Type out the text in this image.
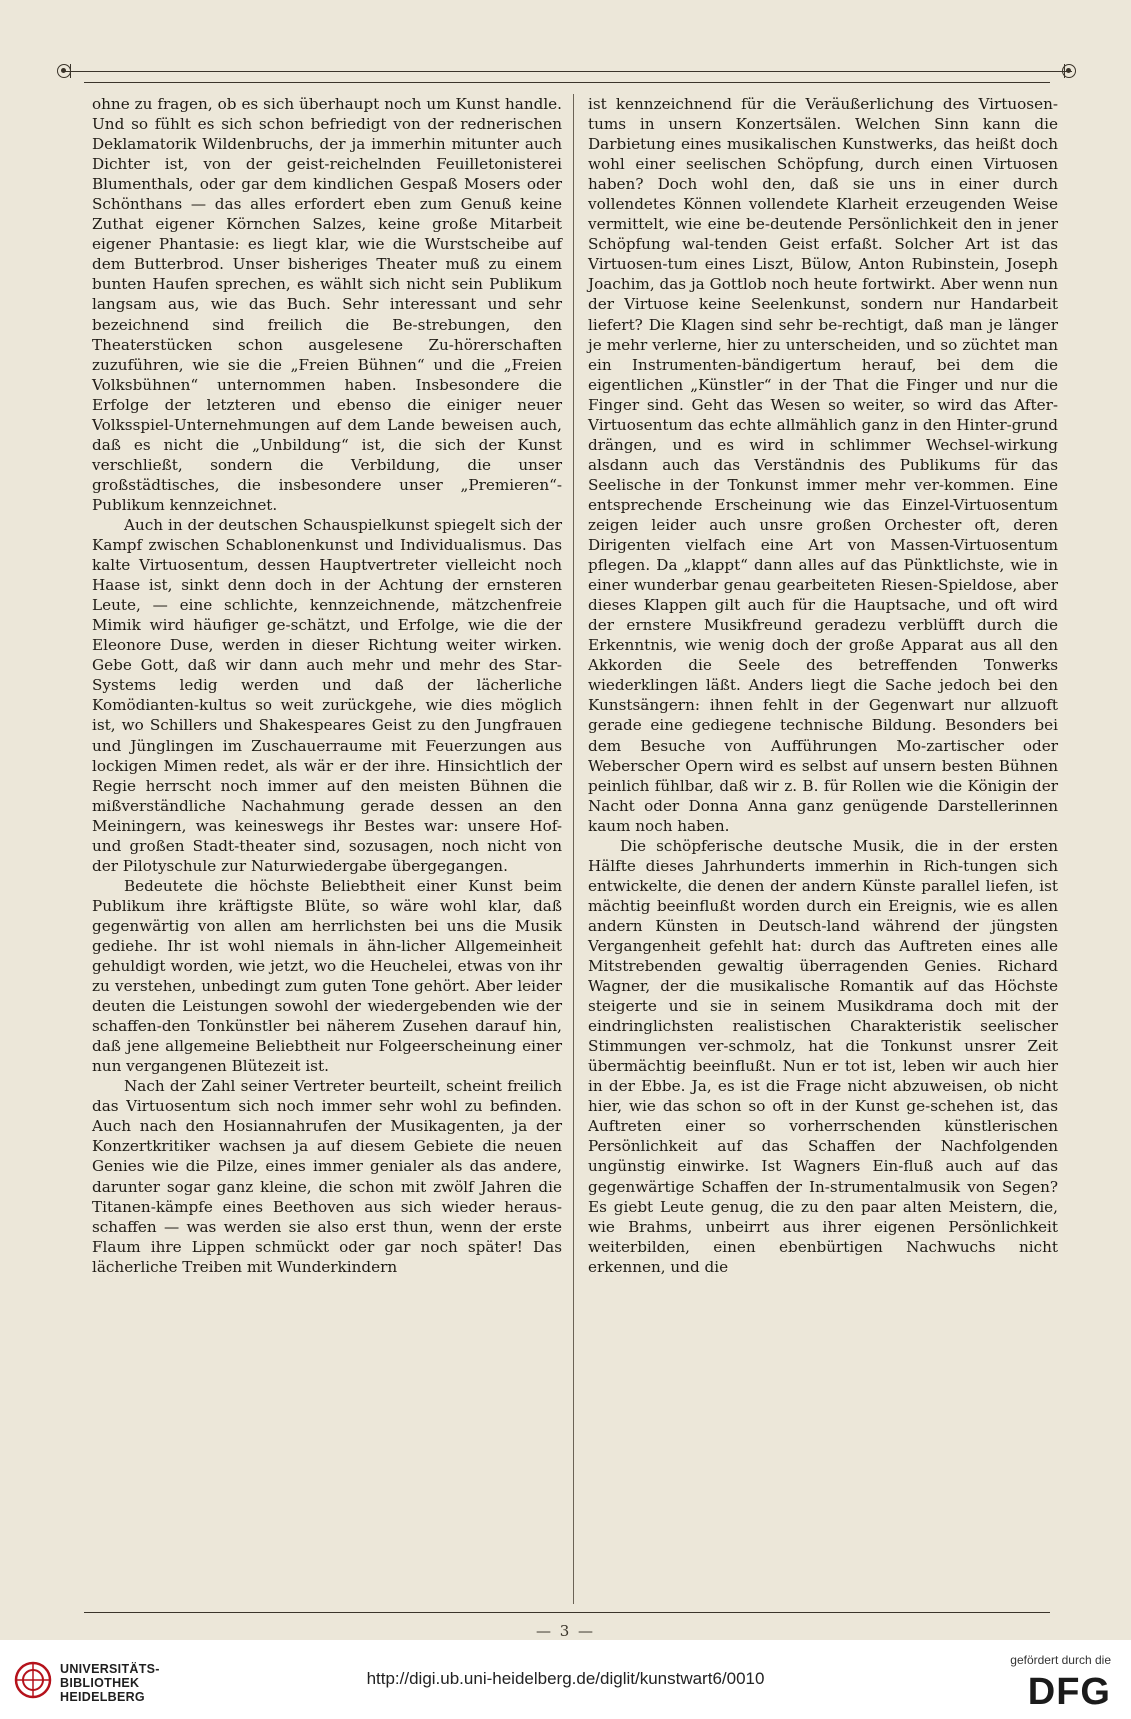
ohne zu fragen, ob es sich überhaupt noch um Kunst handle. Und so fühlt es sich schon befriedigt von der rednerischen Deklamatorik Wildenbruchs, der ja immerhin mitunter auch Dichter ist, von der geist-reichelnden Feuilletonisterei Blumenthals, oder gar dem kindlichen Gespaß Mosers oder Schönthans — das alles erfordert eben zum Genuß keine Zuthat eigener Körnchen Salzes, keine große Mitarbeit eigener Phantasie: es liegt klar, wie die Wurstscheibe auf dem Butterbrod. Unser bisheriges Theater muß zu einem bunten Haufen sprechen, es wählt sich nicht sein Publikum langsam aus, wie das Buch. Sehr interessant und sehr bezeichnend sind freilich die Be-strebungen, den Theaterstücken schon ausgelesene Zu-hörerschaften zuzuführen, wie sie die „Freien Bühnen“ und die „Freien Volksbühnen“ unternommen haben. Insbesondere die Erfolge der letzteren und ebenso die einiger neuer Volksspiel-Unternehmungen auf dem Lande beweisen auch, daß es nicht die „Unbildung“ ist, die sich der Kunst verschließt, sondern die Verbildung, die unser großstädtisches, die insbesondere unser „Premieren“-Publikum kennzeichnet.

Auch in der deutschen Schauspielkunst spiegelt sich der Kampf zwischen Schablonenkunst und Individualismus. Das kalte Virtuosentum, dessen Hauptvertreter vielleicht noch Haase ist, sinkt denn doch in der Achtung der ernsteren Leute, — eine schlichte, kennzeichnende, mätzchenfreie Mimik wird häufiger ge-schätzt, und Erfolge, wie die der Eleonore Duse, werden in dieser Richtung weiter wirken. Gebe Gott, daß wir dann auch mehr und mehr des Star-Systems ledig werden und daß der lächerliche Komödianten-kultus so weit zurückgehe, wie dies möglich ist, wo Schillers und Shakespeares Geist zu den Jungfrauen und Jünglingen im Zuschauerraume mit Feuerzungen aus lockigen Mimen redet, als wär er der ihre. Hinsichtlich der Regie herrscht noch immer auf den meisten Bühnen die mißverständliche Nachahmung gerade dessen an den Meiningern, was keineswegs ihr Bestes war: unsere Hof- und großen Stadt-theater sind, sozusagen, noch nicht von der Pilotyschule zur Naturwiedergabe übergegangen.

Bedeutete die höchste Beliebtheit einer Kunst beim Publikum ihre kräftigste Blüte, so wäre wohl klar, daß gegenwärtig von allen am herrlichsten bei uns die Musik gediehe. Ihr ist wohl niemals in ähn-licher Allgemeinheit gehuldigt worden, wie jetzt, wo die Heuchelei, etwas von ihr zu verstehen, unbedingt zum guten Tone gehört. Aber leider deuten die Leistungen sowohl der wiedergebenden wie der schaffen-den Tonkünstler bei näherem Zusehen darauf hin, daß jene allgemeine Beliebtheit nur Folgeerscheinung einer nun vergangenen Blütezeit ist.

Nach der Zahl seiner Vertreter beurteilt, scheint freilich das Virtuosentum sich noch immer sehr wohl zu befinden. Auch nach den Hosiannahrufen der Musikagenten, ja der Konzertkritiker wachsen ja auf diesem Gebiete die neuen Genies wie die Pilze, eines immer genialer als das andere, darunter sogar ganz kleine, die schon mit zwölf Jahren die Titanen-kämpfe eines Beethoven aus sich wieder heraus-schaffen — was werden sie also erst thun, wenn der erste Flaum ihre Lippen schmückt oder gar noch später! Das lächerliche Treiben mit Wunderkindern

ist kennzeichnend für die Veräußerlichung des Virtuosen-tums in unsern Konzertsälen. Welchen Sinn kann die Darbietung eines musikalischen Kunstwerks, das heißt doch wohl einer seelischen Schöpfung, durch einen Virtuosen haben? Doch wohl den, daß sie uns in einer durch vollendetes Können vollendete Klarheit erzeugenden Weise vermittelt, wie eine be-deutende Persönlichkeit den in jener Schöpfung wal-tenden Geist erfaßt. Solcher Art ist das Virtuosen-tum eines Liszt, Bülow, Anton Rubinstein, Joseph Joachim, das ja Gottlob noch heute fortwirkt. Aber wenn nun der Virtuose keine Seelenkunst, sondern nur Handarbeit liefert? Die Klagen sind sehr be-rechtigt, daß man je länger je mehr verlerne, hier zu unterscheiden, und so züchtet man ein Instrumenten-bändigertum herauf, bei dem die eigentlichen „Künstler“ in der That die Finger und nur die Finger sind. Geht das Wesen so weiter, so wird das After-Virtuosentum das echte allmählich ganz in den Hinter-grund drängen, und es wird in schlimmer Wechsel-wirkung alsdann auch das Verständnis des Publikums für das Seelische in der Tonkunst immer mehr ver-kommen. Eine entsprechende Erscheinung wie das Einzel-Virtuosentum zeigen leider auch unsre großen Orchester oft, deren Dirigenten vielfach eine Art von Massen-Virtuosentum pflegen. Da „klappt“ dann alles auf das Pünktlichste, wie in einer wunderbar genau gearbeiteten Riesen-Spieldose, aber dieses Klappen gilt auch für die Hauptsache, und oft wird der ernstere Musikfreund geradezu verblüfft durch die Erkenntnis, wie wenig doch der große Apparat aus all den Akkorden die Seele des betreffenden Tonwerks wiederklingen läßt. Anders liegt die Sache jedoch bei den Kunstsängern: ihnen fehlt in der Gegenwart nur allzuoft gerade eine gediegene technische Bildung. Besonders bei dem Besuche von Aufführungen Mo-zartischer oder Weberscher Opern wird es selbst auf unsern besten Bühnen peinlich fühlbar, daß wir z. B. für Rollen wie die Königin der Nacht oder Donna Anna ganz genügende Darstellerinnen kaum noch haben.

Die schöpferische deutsche Musik, die in der ersten Hälfte dieses Jahrhunderts immerhin in Rich-tungen sich entwickelte, die denen der andern Künste parallel liefen, ist mächtig beeinflußt worden durch ein Ereignis, wie es allen andern Künsten in Deutsch-land während der jüngsten Vergangenheit gefehlt hat: durch das Auftreten eines alle Mitstrebenden gewaltig überragenden Genies. Richard Wagner, der die musikalische Romantik auf das Höchste steigerte und sie in seinem Musikdrama doch mit der eindringlichsten realistischen Charakteristik seelischer Stimmungen ver-schmolz, hat die Tonkunst unsrer Zeit übermächtig beeinflußt. Nun er tot ist, leben wir auch hier in der Ebbe. Ja, es ist die Frage nicht abzuweisen, ob nicht hier, wie das schon so oft in der Kunst ge-schehen ist, das Auftreten einer so vorherrschenden künstlerischen Persönlichkeit auf das Schaffen der Nachfolgenden ungünstig einwirke. Ist Wagners Ein-fluß auch auf das gegenwärtige Schaffen der In-strumentalmusik von Segen? Es giebt Leute genug, die zu den paar alten Meistern, die, wie Brahms, unbeirrt aus ihrer eigenen Persönlichkeit weiterbilden, einen ebenbürtigen Nachwuchs nicht erkennen, und die

— 3 —
UNIVERSITÄTS-
BIBLIOTHEK
HEIDELBERG
http://digi.ub.uni-heidelberg.de/diglit/kunstwart6/0010
gefördert durch die
DFG
